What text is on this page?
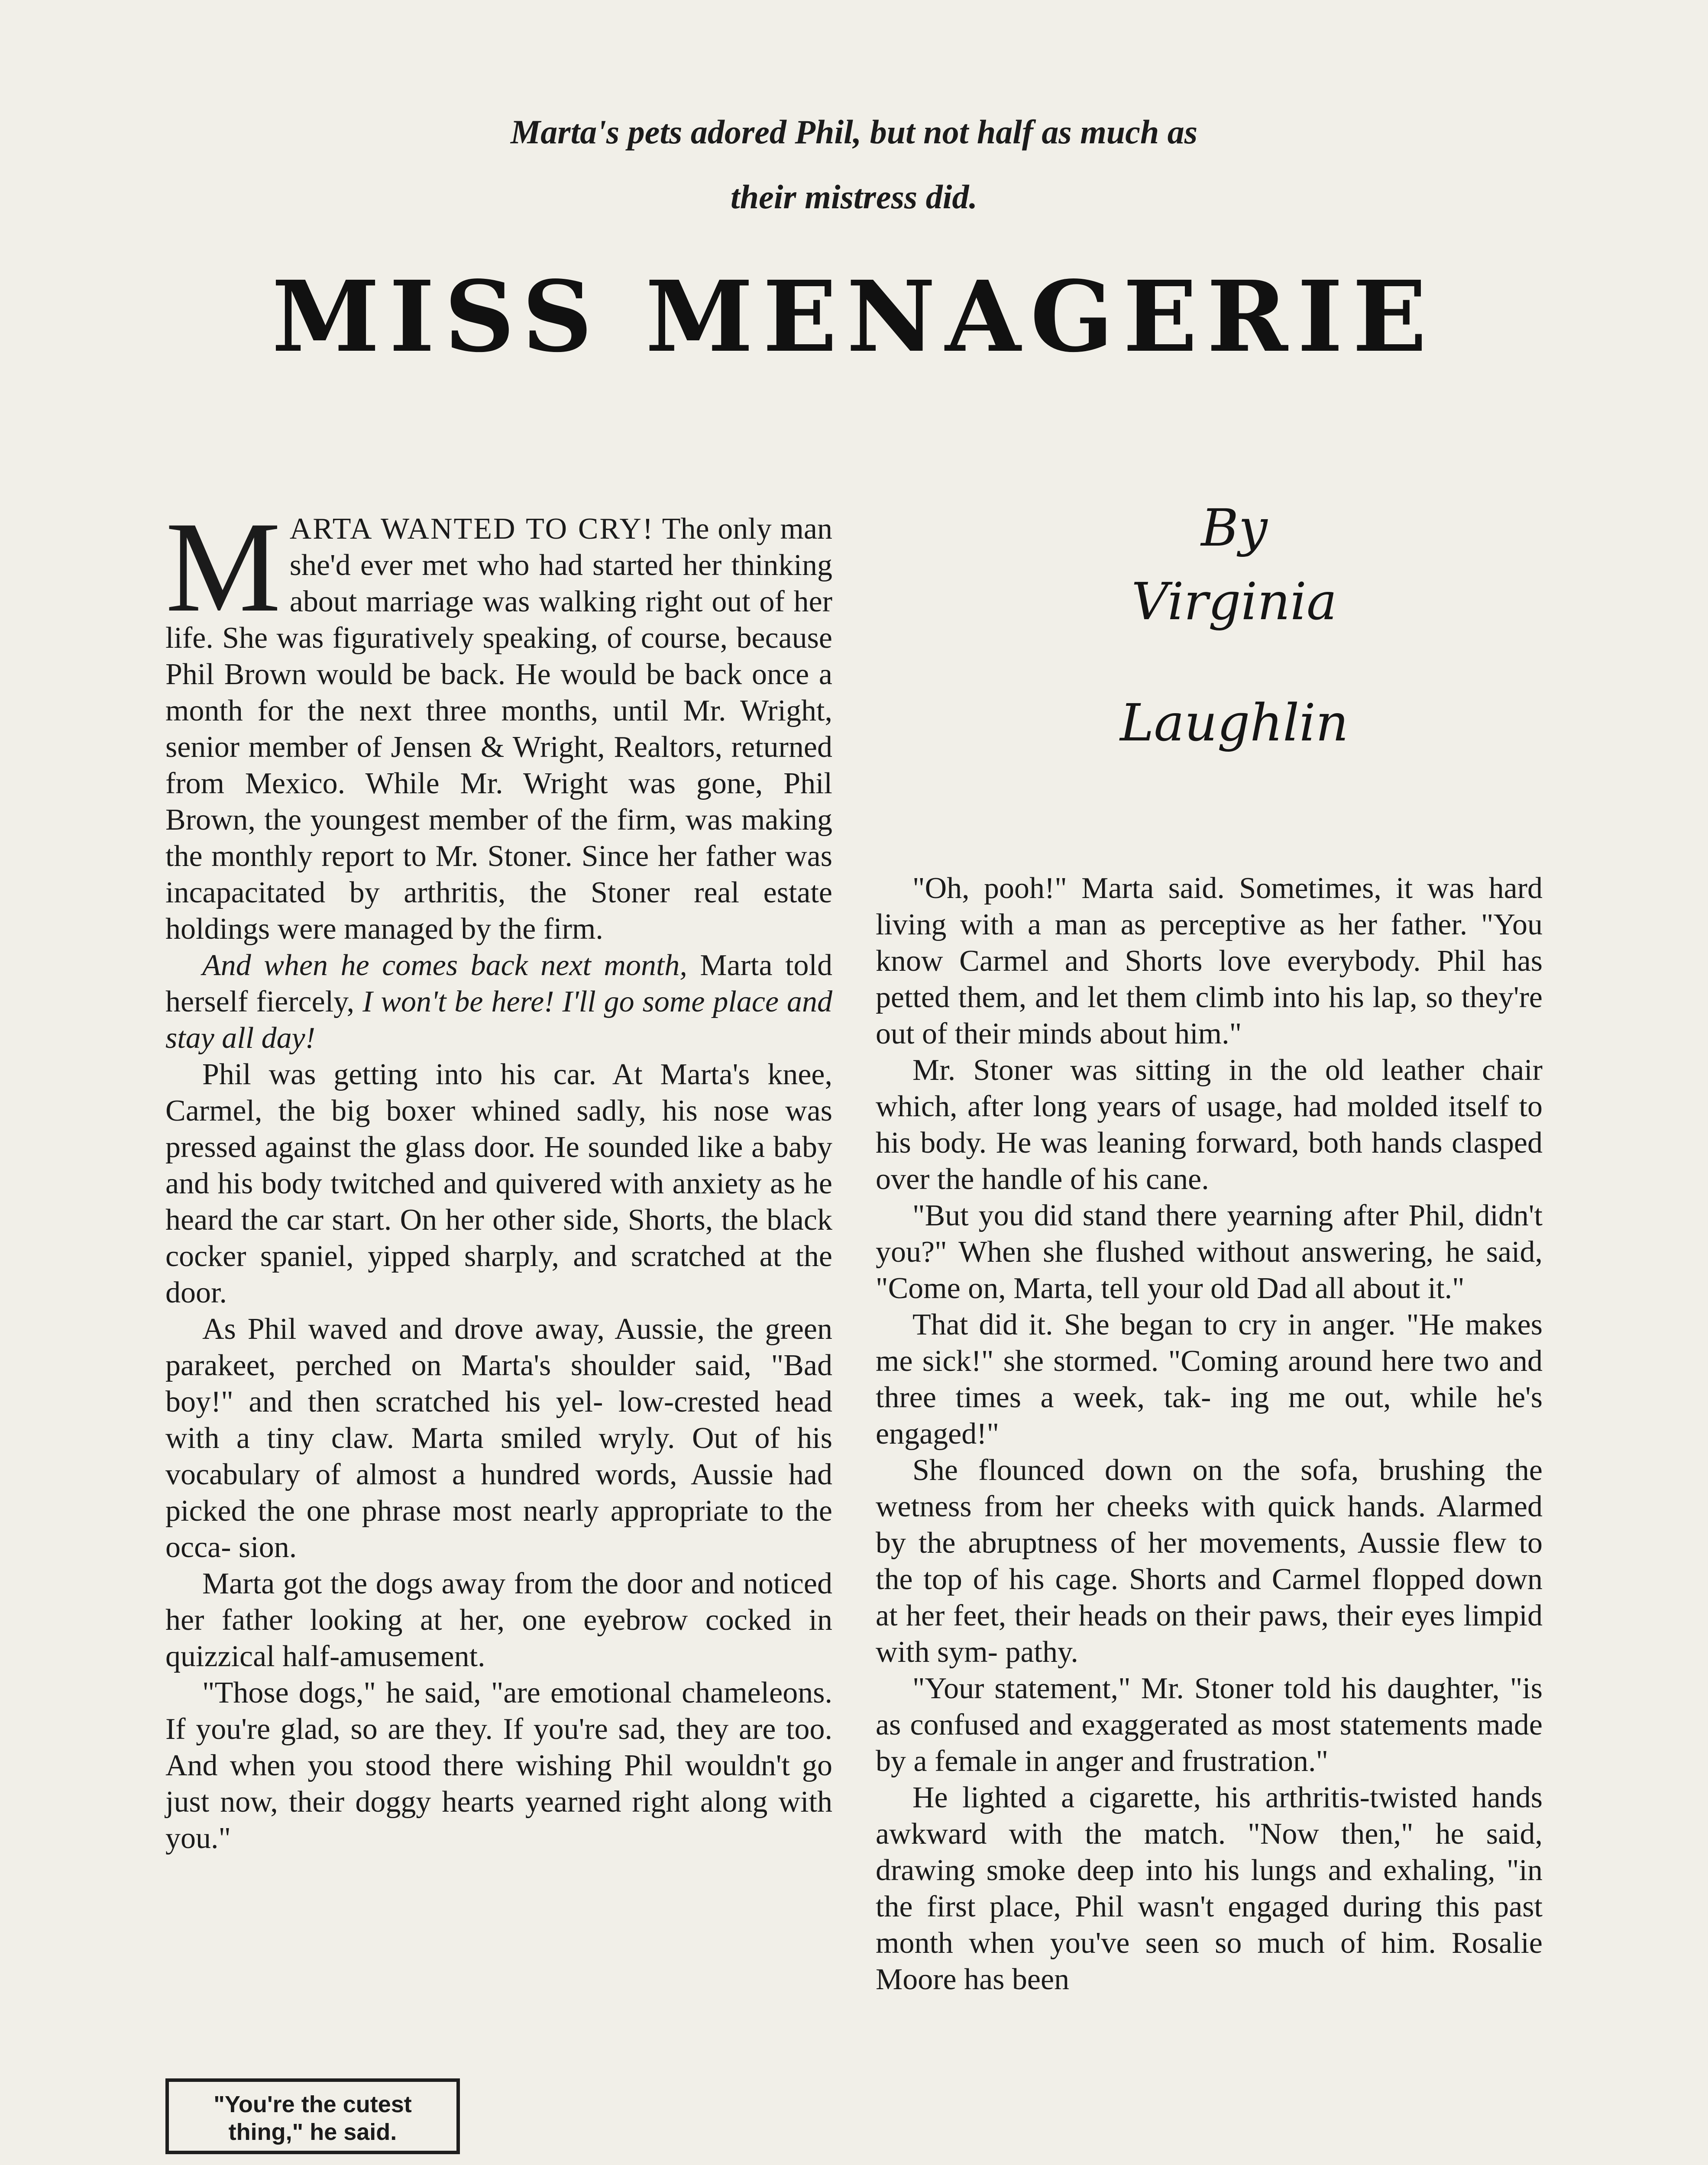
Marta's pets adored Phil, but not half as much as
their mistress did.
MISS MENAGERIE
By
Virginia
Laughlin

MARTA WANTED TO CRY! The only man she'd ever met who had started her thinking about marriage was walking right out of her life. She was figuratively speaking, of course, because Phil Brown would be back. He would be back once a month for the next three months, until Mr. Wright, senior member of Jensen & Wright, Realtors, returned from Mexico. While Mr. Wright was gone, Phil Brown, the youngest member of the firm, was making the monthly report to Mr. Stoner. Since her father was incapacitated by arthritis, the Stoner real estate holdings were managed by the firm.

And when he comes back next month, Marta told herself fiercely, I won't be here! I'll go some place and stay all day!

Phil was getting into his car. At Marta's knee, Carmel, the big boxer whined sadly, his nose was pressed against the glass door. He sounded like a baby and his body twitched and quivered with anxiety as he heard the car start. On her other side, Shorts, the black cocker spaniel, yipped sharply, and scratched at the door.

As Phil waved and drove away, Aussie, the green parakeet, perched on Marta's shoulder said, "Bad boy!" and then scratched his yel- low-crested head with a tiny claw. Marta smiled wryly. Out of his vocabulary of almost a hundred words, Aussie had picked the one phrase most nearly appropriate to the occa- sion.

Marta got the dogs away from the door and noticed her father looking at her, one eyebrow cocked in quizzical half-amusement.

"Those dogs," he said, "are emotional chameleons. If you're glad, so are they. If you're sad, they are too. And when you stood there wishing Phil wouldn't go just now, their doggy hearts yearned right along with you."

"Oh, pooh!" Marta said. Sometimes, it was hard living with a man as perceptive as her father. "You know Carmel and Shorts love everybody. Phil has petted them, and let them climb into his lap, so they're out of their minds about him."

Mr. Stoner was sitting in the old leather chair which, after long years of usage, had molded itself to his body. He was leaning forward, both hands clasped over the handle of his cane.

"But you did stand there yearning after Phil, didn't you?" When she flushed without answering, he said, "Come on, Marta, tell your old Dad all about it."

That did it. She began to cry in anger. "He makes me sick!" she stormed. "Coming around here two and three times a week, tak- ing me out, while he's engaged!"

She flounced down on the sofa, brushing the wetness from her cheeks with quick hands. Alarmed by the abruptness of her movements, Aussie flew to the top of his cage. Shorts and Carmel flopped down at her feet, their heads on their paws, their eyes limpid with sym- pathy.

"Your statement," Mr. Stoner told his daughter, "is as confused and exaggerated as most statements made by a female in anger and frustration."

He lighted a cigarette, his arthritis-twisted hands awkward with the match. "Now then," he said, drawing smoke deep into his lungs and exhaling, "in the first place, Phil wasn't engaged during this past month when you've seen so much of him. Rosalie Moore has been

"You're the cutest
thing," he said.
